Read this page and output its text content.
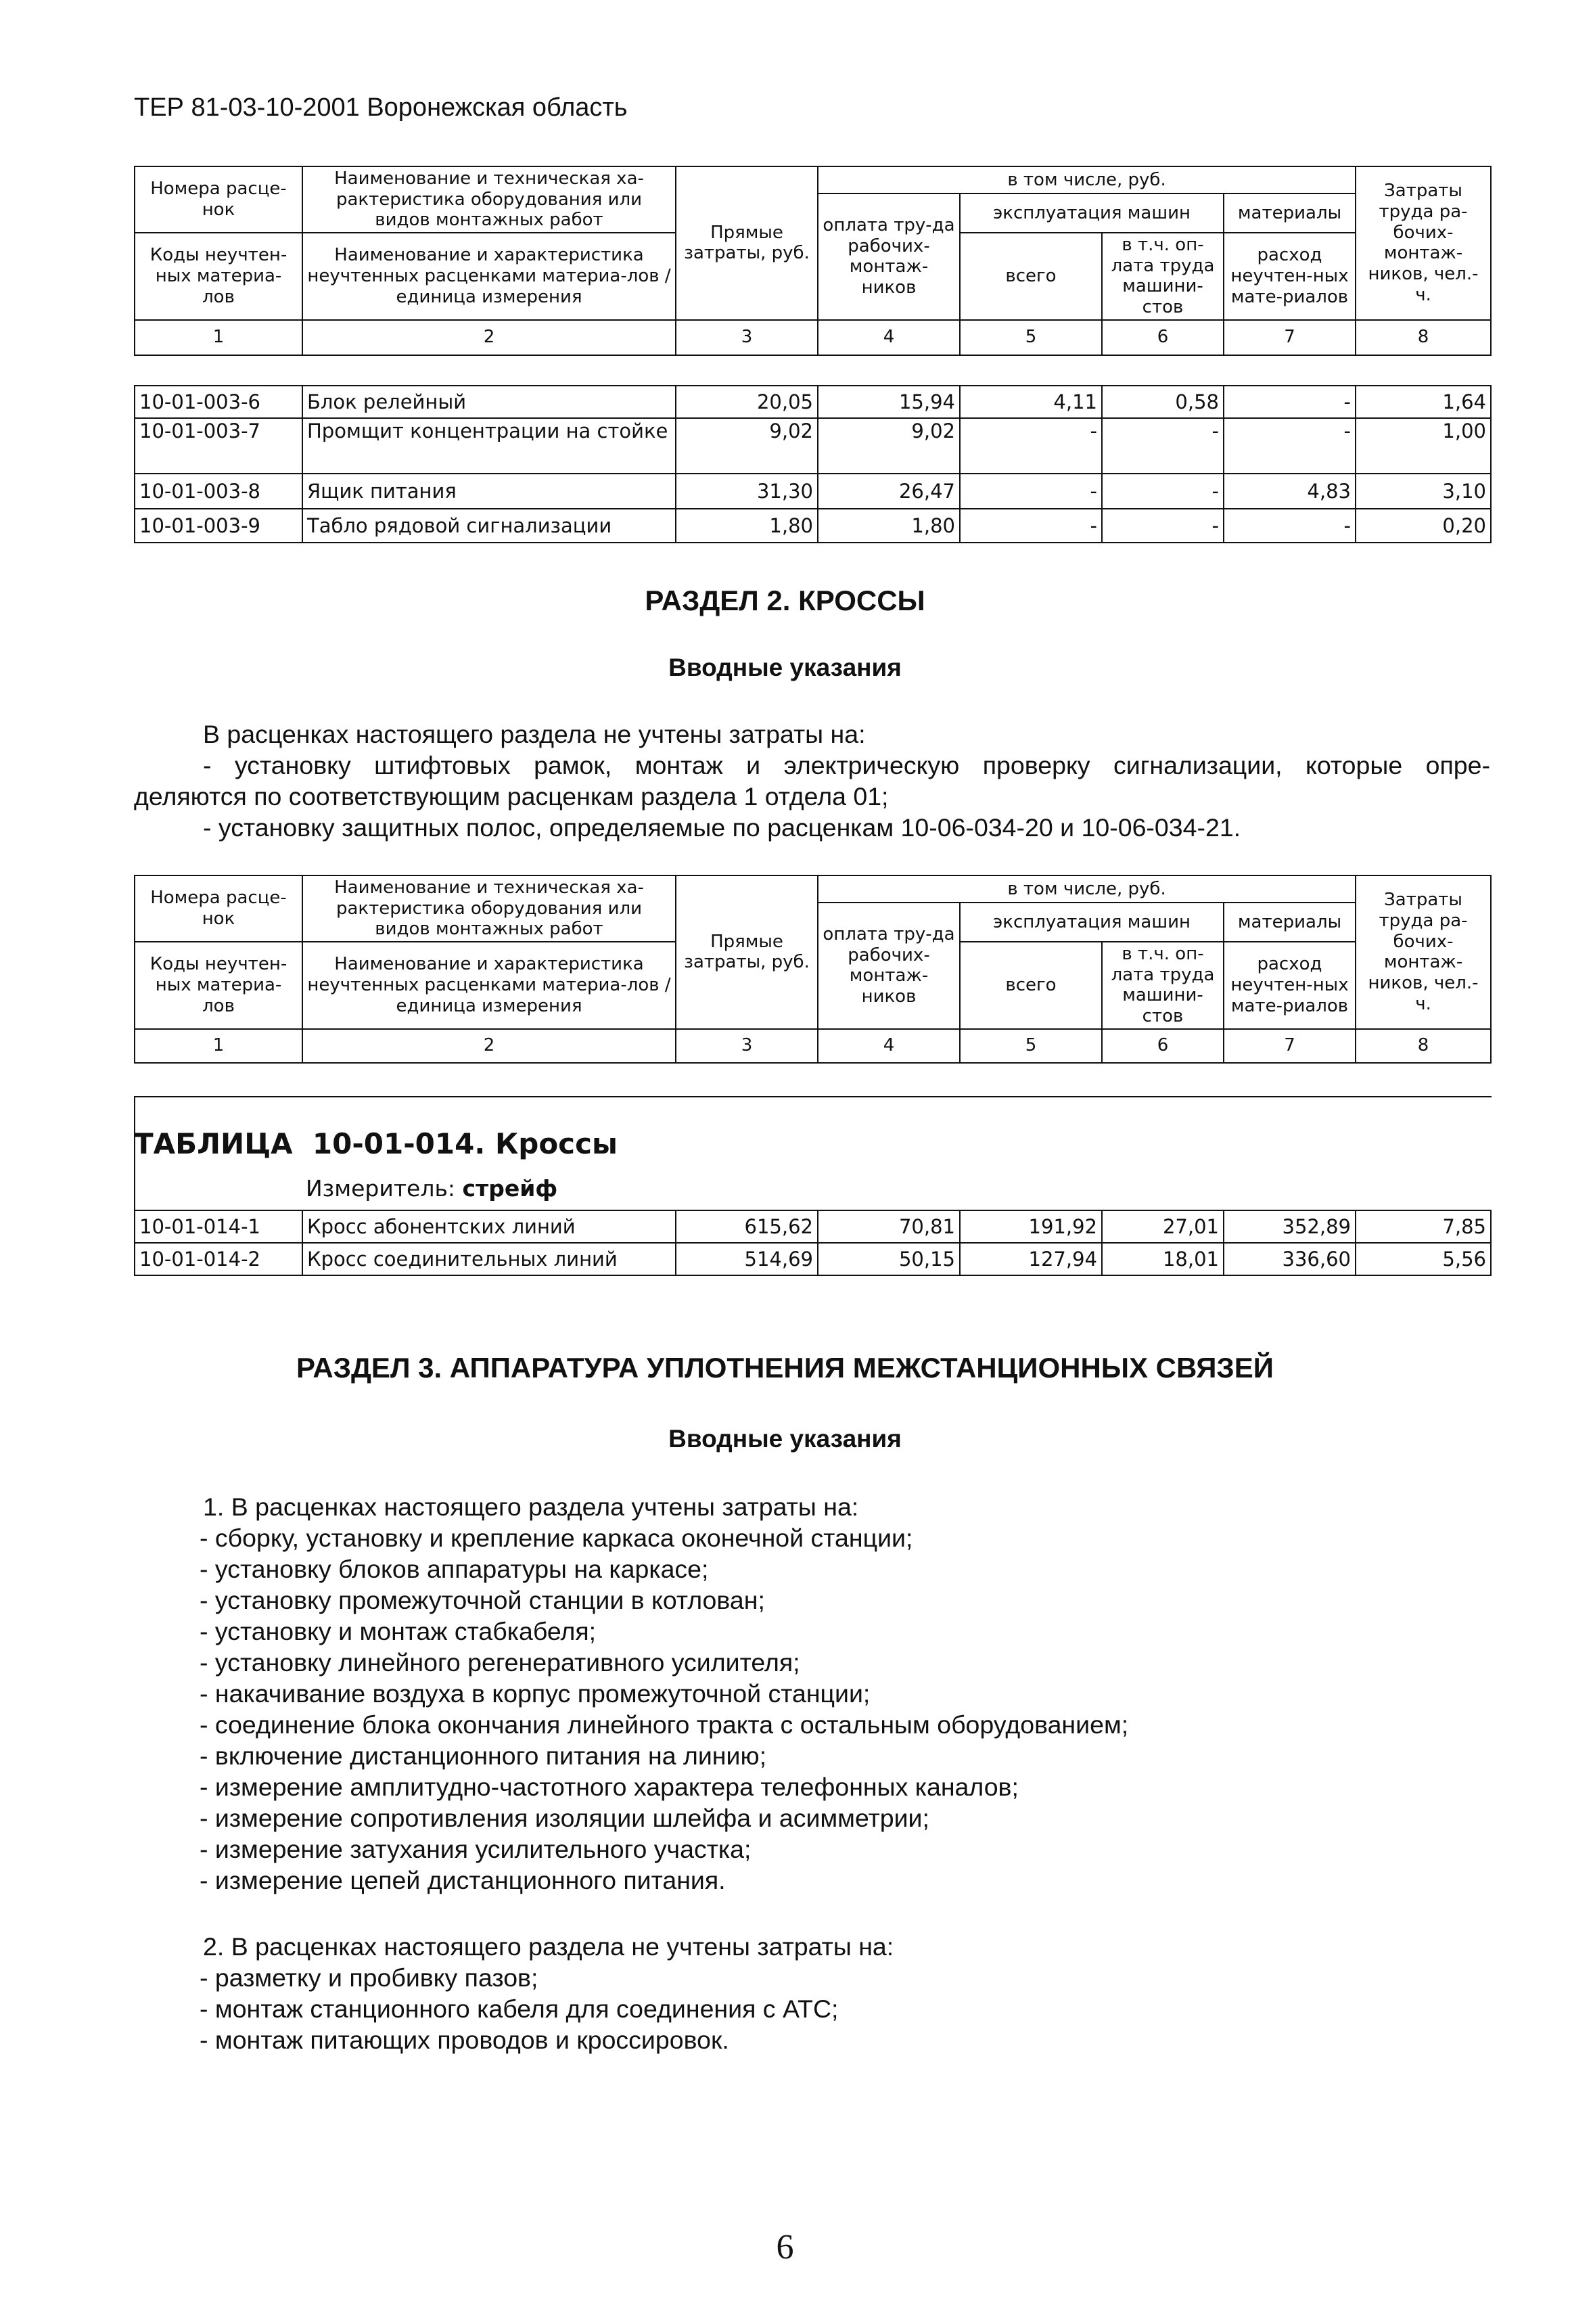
ТЕР 81-03-10-2001 Воронежская область
Номера расце-нок	Наименование и техническая ха-рактеристика оборудования или видов монтажных работ	Прямые затраты, руб.	в том числе, руб.				Затраты труда ра-бочих-монтаж-ников, чел.-ч.
			оплата тру-да рабочих-монтаж-ников	эксплуатация машин		материалы	
Коды неучтен-ных материа-лов	Наименование и характеристика неучтенных расценками материа-лов / единица измерения			всего	в т.ч. оп-лата труда машини-стов	расход неучтен-ных мате-риалов	

1	2	3	4	5	6	7	8
10-01-003-6	Блок релейный	20,05	15,94	4,11	0,58	-	1,64
10-01-003-7	Промщит концентрации на стойке	9,02	9,02	-	-	-	1,00
10-01-003-8	Ящик питания	31,30	26,47	-	-	4,83	3,10
10-01-003-9	Табло рядовой сигнализации	1,80	1,80	-	-	-	0,20
РАЗДЕЛ 2. КРОССЫ
Вводные указания
В расценках настоящего раздела не учтены затраты на:
- установку штифтовых рамок, монтаж и электрическую проверку сигнализации, которые опре-
деляются по соответствующим расценкам раздела 1 отдела 01;
- установку защитных полос, определяемые по расценкам 10-06-034-20 и 10-06-034-21.
Номера расце-нок	Наименование и техническая ха-рактеристика оборудования или видов монтажных работ	Прямые затраты, руб.	в том числе, руб.				Затраты труда ра-бочих-монтаж-ников, чел.-ч.
			оплата тру-да рабочих-монтаж-ников	эксплуатация машин		материалы	
Коды неучтен-ных материа-лов	Наименование и характеристика неучтенных расценками материа-лов / единица измерения			всего	в т.ч. оп-лата труда машини-стов	расход неучтен-ных мате-риалов	

1	2	3	4	5	6	7	8
ТАБЛИЦА 10-01-014. Кроссы
Измеритель: стрейф
10-01-014-1	Кросс абонентских линий	615,62	70,81	191,92	27,01	352,89	7,85
10-01-014-2	Кросс соединительных линий	514,69	50,15	127,94	18,01	336,60	5,56
РАЗДЕЛ 3. АППАРАТУРА УПЛОТНЕНИЯ МЕЖСТАНЦИОННЫХ СВЯЗЕЙ
Вводные указания
1. В расценках настоящего раздела учтены затраты на:
- сборку, установку и крепление каркаса оконечной станции;
- установку блоков аппаратуры на каркасе;
- установку промежуточной станции в котлован;
- установку и монтаж стабкабеля;
- установку линейного регенеративного усилителя;
- накачивание воздуха в корпус промежуточной станции;
- соединение блока окончания линейного тракта с остальным оборудованием;
- включение дистанционного питания на линию;
- измерение амплитудно-частотного характера телефонных каналов;
- измерение сопротивления изоляции шлейфа и асимметрии;
- измерение затухания усилительного участка;
- измерение цепей дистанционного питания.
2. В расценках настоящего раздела не учтены затраты на:
- разметку и пробивку пазов;
- монтаж станционного кабеля для соединения с АТС;
- монтаж питающих проводов и кроссировок.
6
